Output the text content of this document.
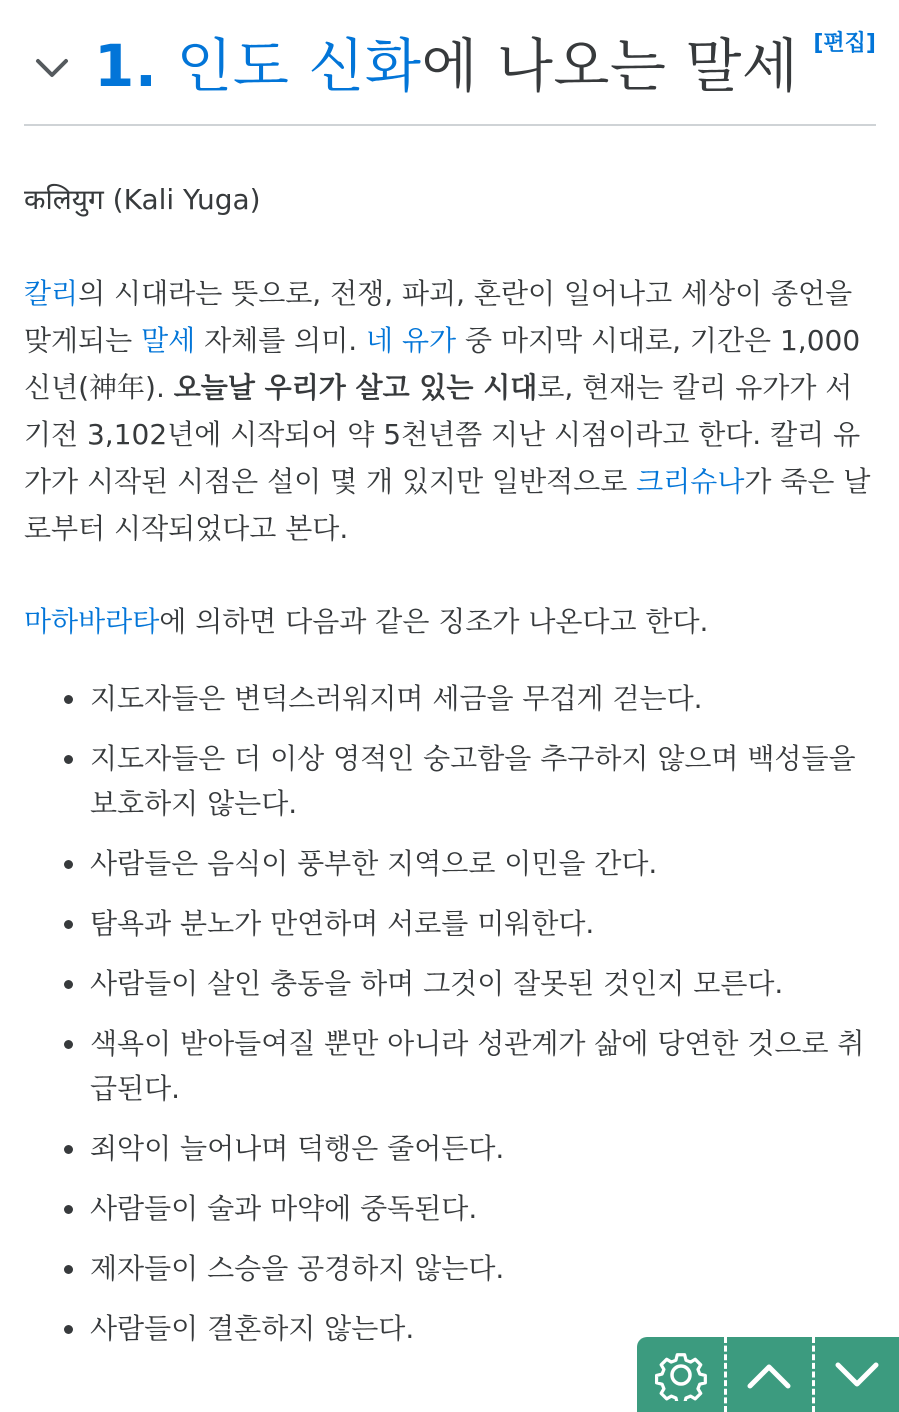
1. 인도 신화에 나오는 말세 [편집]

कलियुग (Kali Yuga)

칼리의 시대라는 뜻으로, 전쟁, 파괴, 혼란이 일어나고 세상이 종언을 맞게되는 말세 자체를 의미. 네 유가 중 마지막 시대로, 기간은 1,000신년(神年). 오늘날 우리가 살고 있는 시대로, 현재는 칼리 유가가 서기전 3,102년에 시작되어 약 5천년쯤 지난 시점이라고 한다. 칼리 유가가 시작된 시점은 설이 몇 개 있지만 일반적으로 크리슈나가 죽은 날로부터 시작되었다고 본다.

마하바라타에 의하면 다음과 같은 징조가 나온다고 한다.

지도자들은 변덕스러워지며 세금을 무겁게 걷는다.
지도자들은 더 이상 영적인 숭고함을 추구하지 않으며 백성들을 보호하지 않는다.
사람들은 음식이 풍부한 지역으로 이민을 간다.
탐욕과 분노가 만연하며 서로를 미워한다.
사람들이 살인 충동을 하며 그것이 잘못된 것인지 모른다.
색욕이 받아들여질 뿐만 아니라 성관계가 삶에 당연한 것으로 취급된다.
죄악이 늘어나며 덕행은 줄어든다.
사람들이 술과 마약에 중독된다.
제자들이 스승을 공경하지 않는다.
사람들이 결혼하지 않는다.
